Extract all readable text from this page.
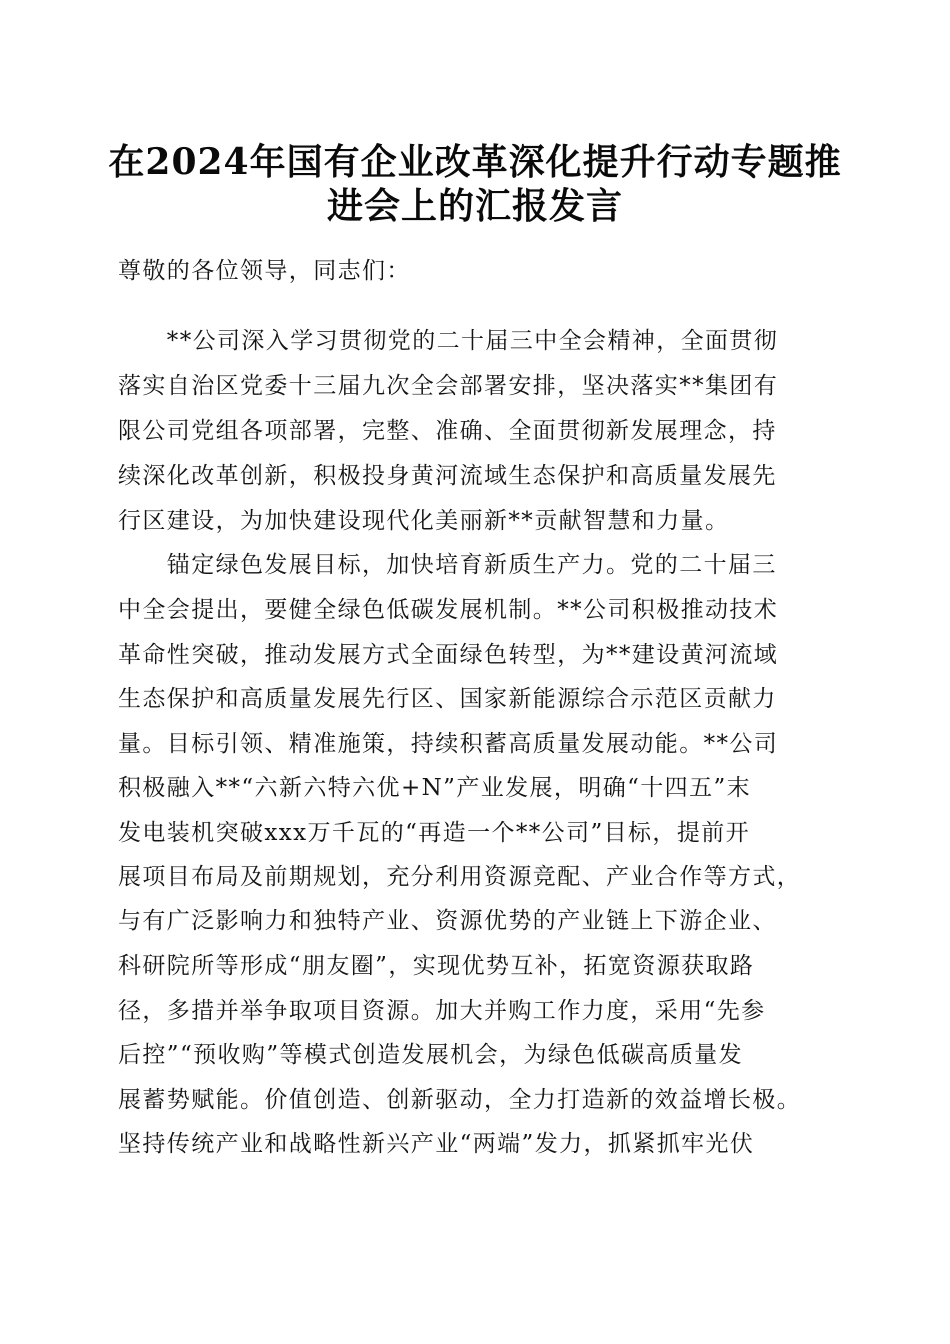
在2024年国有企业改革深化提升行动专题推
进会上的汇报发言
尊敬的各位领导，同志们：
　　**公司深入学习贯彻党的二十届三中全会精神，全面贯彻
落实自治区党委十三届九次全会部署安排，坚决落实**集团有
限公司党组各项部署，完整、准确、全面贯彻新发展理念，持
续深化改革创新，积极投身黄河流域生态保护和高质量发展先
行区建设，为加快建设现代化美丽新**贡献智慧和力量。
　　锚定绿色发展目标，加快培育新质生产力。党的二十届三
中全会提出，要健全绿色低碳发展机制。**公司积极推动技术
革命性突破，推动发展方式全面绿色转型，为**建设黄河流域
生态保护和高质量发展先行区、国家新能源综合示范区贡献力
量。目标引领、精准施策，持续积蓄高质量发展动能。**公司
积极融入**“六新六特六优+N”产业发展，明确“十四五”末
发电装机突破xxx万千瓦的“再造一个**公司”目标，提前开
展项目布局及前期规划，充分利用资源竞配、产业合作等方式，
与有广泛影响力和独特产业、资源优势的产业链上下游企业、
科研院所等形成“朋友圈”，实现优势互补，拓宽资源获取路
径，多措并举争取项目资源。加大并购工作力度，采用“先参
后控”“预收购”等模式创造发展机会，为绿色低碳高质量发
展蓄势赋能。价值创造、创新驱动，全力打造新的效益增长极。
坚持传统产业和战略性新兴产业“两端”发力，抓紧抓牢光伏
